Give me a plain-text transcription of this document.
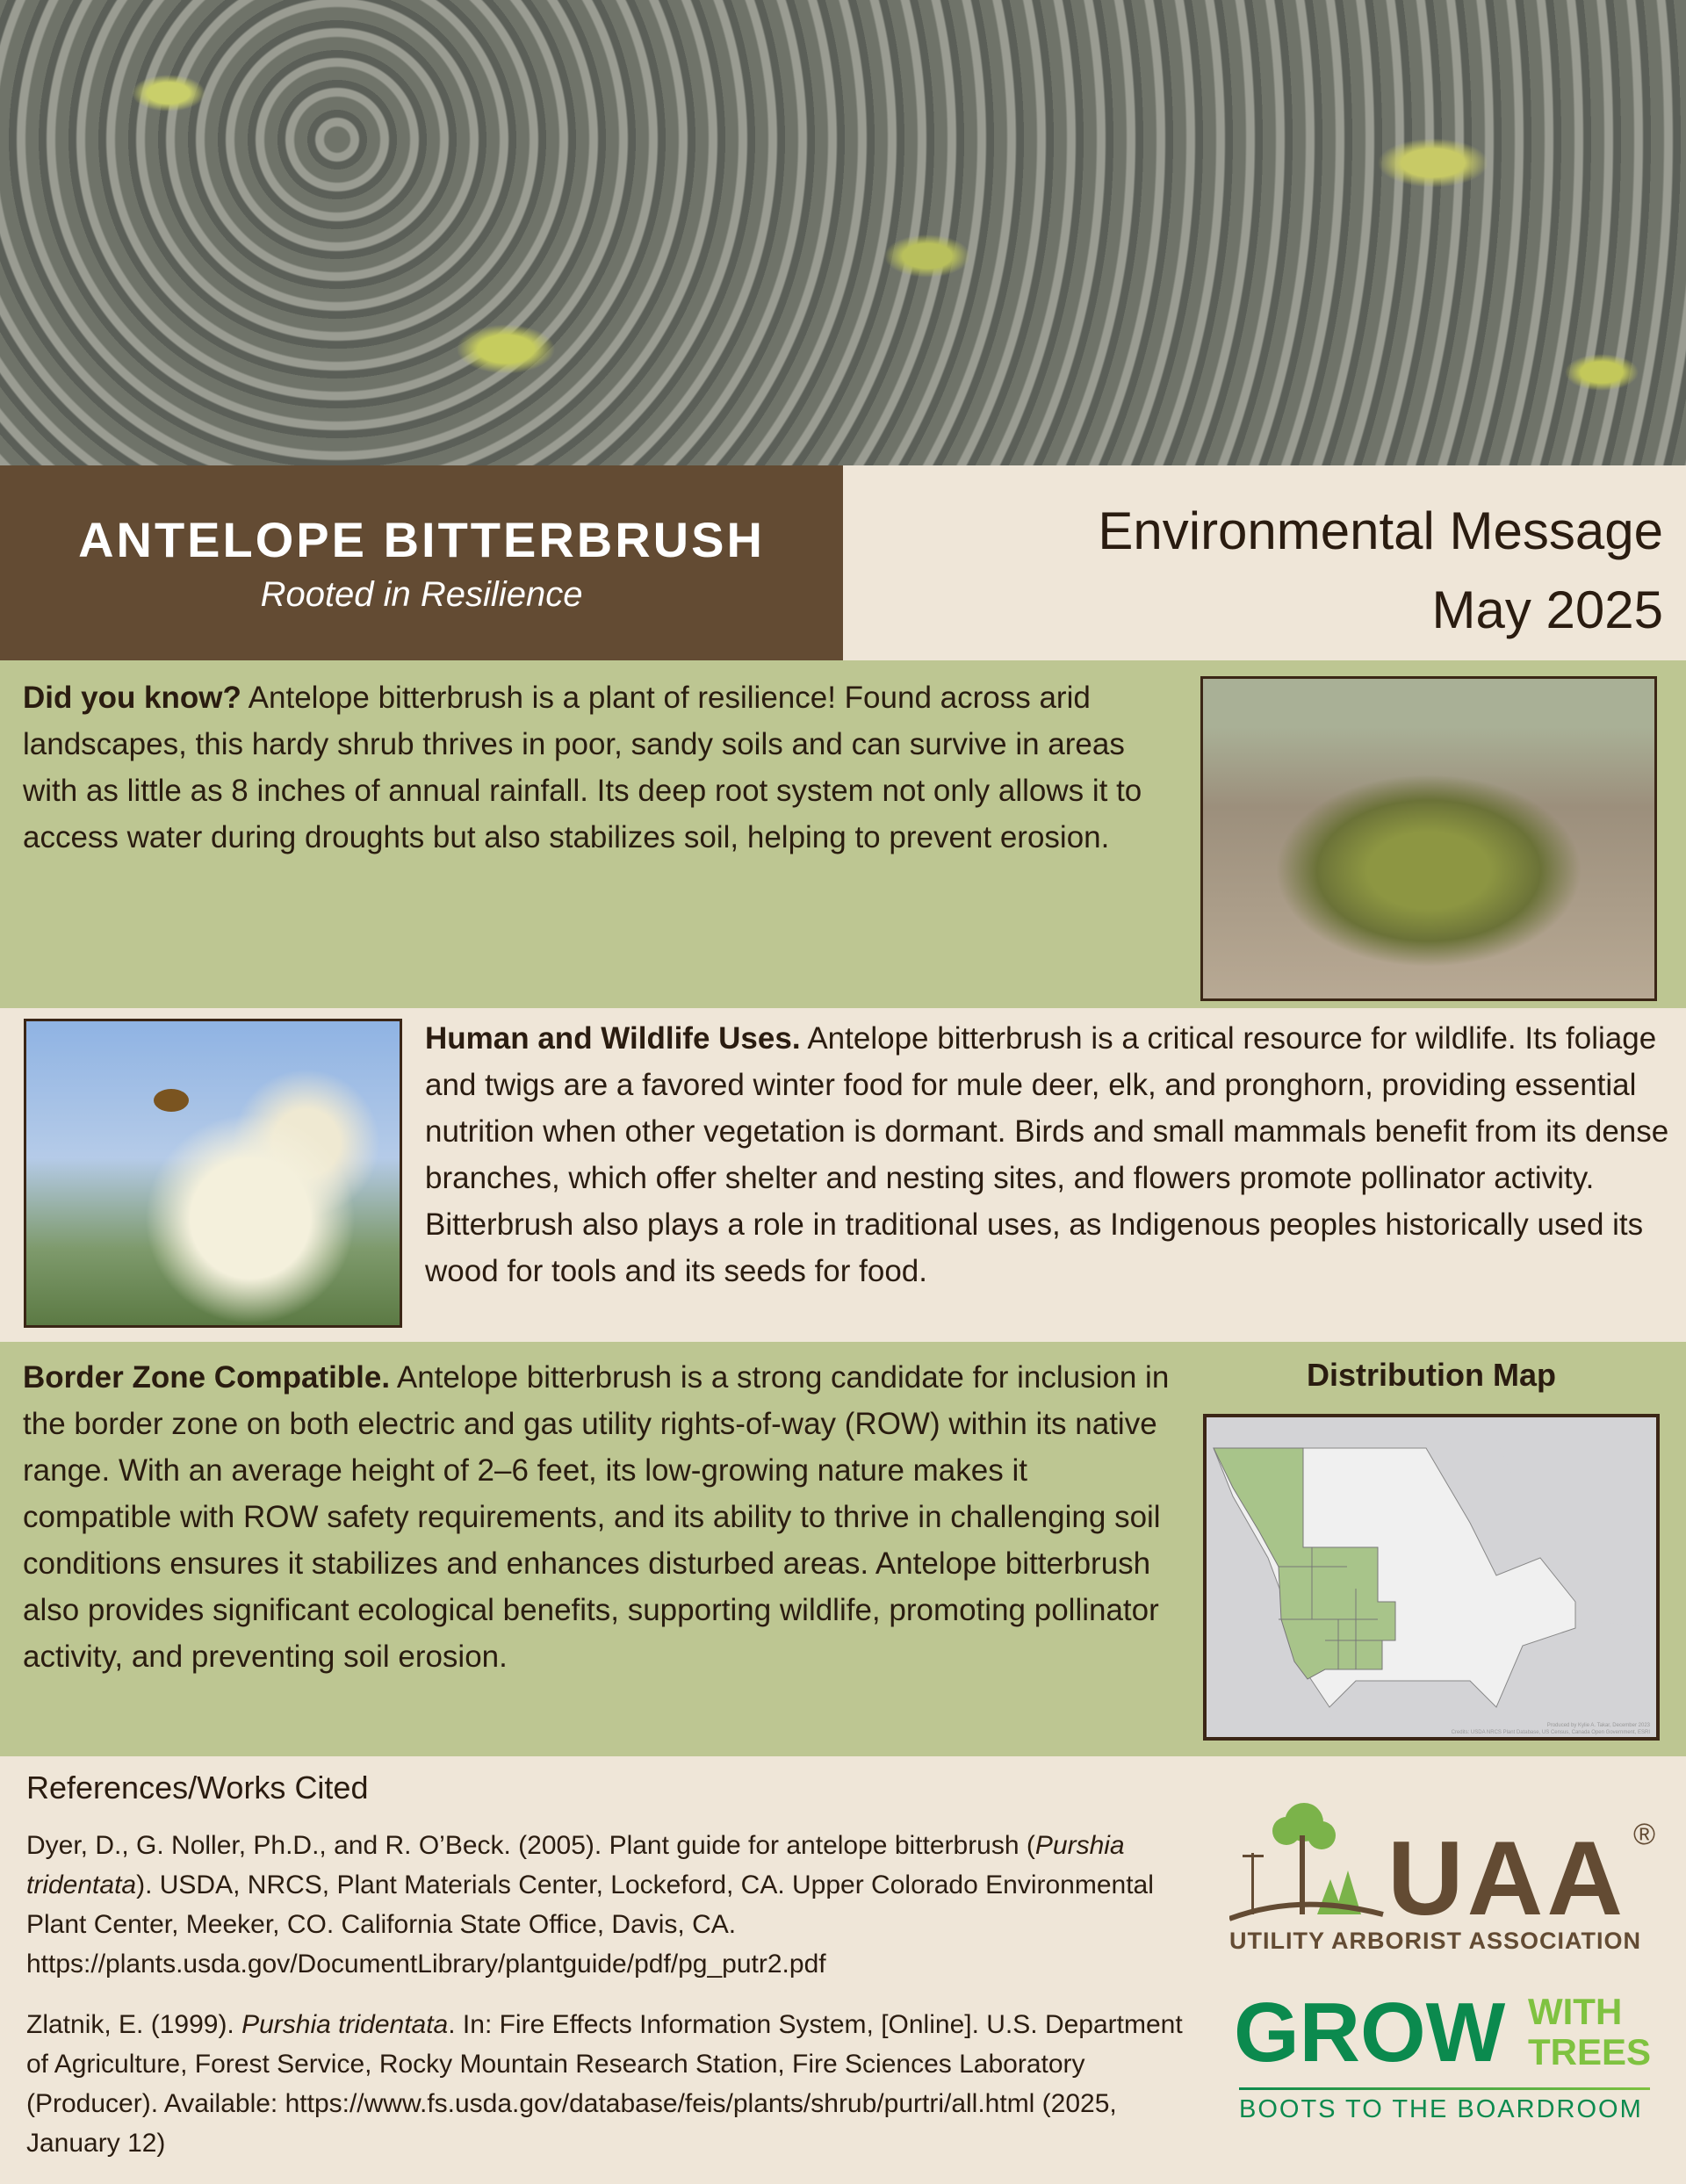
ANTELOPE BITTERBRUSH
Rooted in Resilience
Environmental Message
May 2025

Did you know? Antelope bitterbrush is a plant of resilience! Found across arid landscapes, this hardy shrub thrives in poor, sandy soils and can survive in areas with as little as 8 inches of annual rainfall. Its deep root system not only allows it to access water during droughts but also stabilizes soil, helping to prevent erosion.

Human and Wildlife Uses. Antelope bitterbrush is a critical resource for wildlife. Its foliage and twigs are a favored winter food for mule deer, elk, and pronghorn, providing essential nutrition when other vegetation is dormant. Birds and small mammals benefit from its dense branches, which offer shelter and nesting sites, and flowers promote pollinator activity. Bitterbrush also plays a role in traditional uses, as Indigenous peoples historically used its wood for tools and its seeds for food.

Border Zone Compatible. Antelope bitterbrush is a strong candidate for inclusion in the border zone on both electric and gas utility rights-of-way (ROW) within its native range. With an average height of 2–6 feet, its low-growing nature makes it compatible with ROW safety requirements, and its ability to thrive in challenging soil conditions ensures it stabilizes and enhances disturbed areas. Antelope bitterbrush also provides significant ecological benefits, supporting wildlife, promoting pollinator activity, and preventing soil erosion.

Distribution Map
Produced by Kylie A. Takar, December 2023
Credits: USDA NRCS Plant Database, US Census, Canada Open Government, ESRI
References/Works Cited

Dyer, D., G. Noller, Ph.D., and R. O’Beck. (2005). Plant guide for antelope bitterbrush (Purshia tridentata). USDA, NRCS, Plant Materials Center, Lockeford, CA. Upper Colorado Environmental Plant Center, Meeker, CO. California State Office, Davis, CA. https://plants.usda.gov/DocumentLibrary/plantguide/pdf/pg_putr2.pdf

Zlatnik, E. (1999). Purshia tridentata. In: Fire Effects Information System, [Online]. U.S. Department of Agriculture, Forest Service, Rocky Mountain Research Station, Fire Sciences Laboratory (Producer). Available: https://www.fs.usda.gov/database/feis/plants/shrub/purtri/all.html (2025, January 12)

UAA ®
UTILITY ARBORIST ASSOCIATION
GROW WITH
TREES
BOOTS TO THE BOARDROOM
